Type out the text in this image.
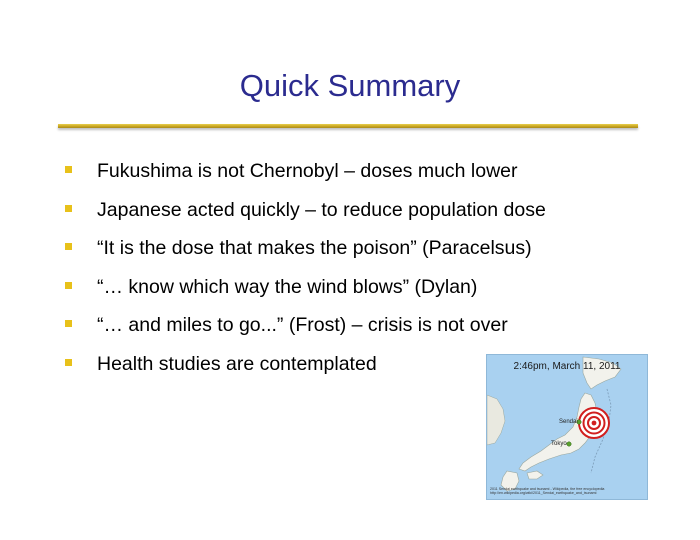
Quick Summary
Fukushima is not Chernobyl – doses much lower
Japanese acted quickly – to reduce population dose
“It is the dose that makes the poison” (Paracelsus)
“… know which way the wind blows” (Dylan)
“… and miles to go...” (Frost) – crisis is not over
Health studies are contemplated	2:46pm, March 11, 2011
Sendai
Tokyo
2011 Sendai earthquake and tsunami - Wikipedia, the free encyclopedia
http://en.wikipedia.org/wiki/2011_Sendai_earthquake_and_tsunami
